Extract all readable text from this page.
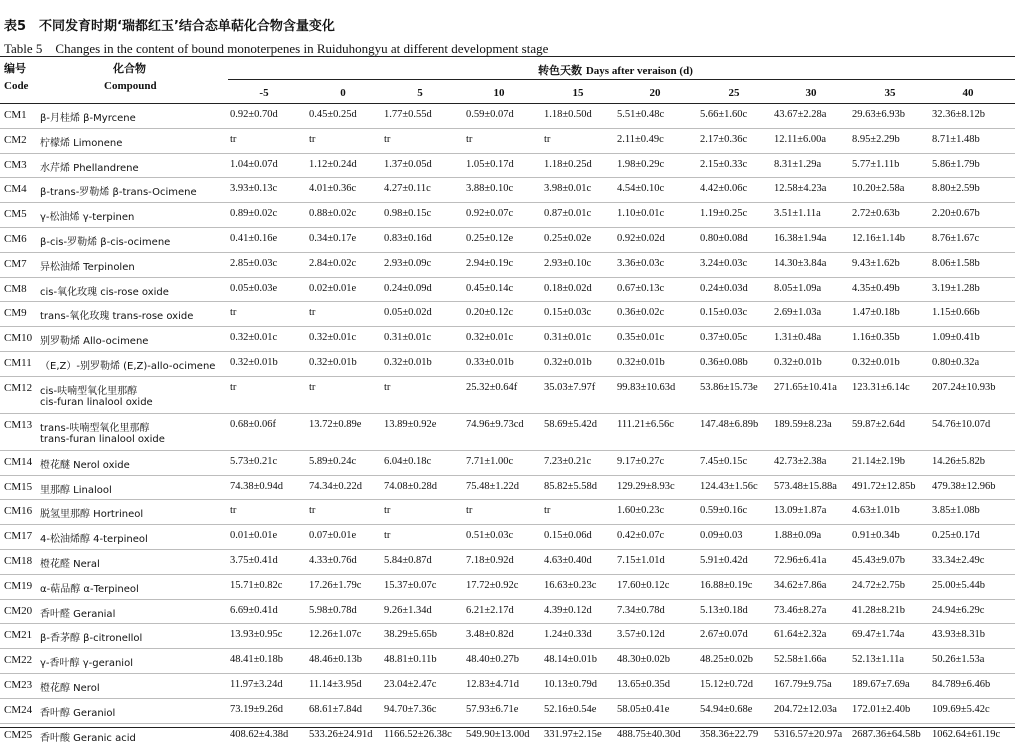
表5　不同发育时期‘瑞都红玉’结合态单萜化合物含量变化
Table 5　Changes in the content of bound monoterpenes in Ruiduhongyu at different development stage
编号
Code
化合物
Compound
转色天数 Days after veraison (d)
-5	0	5	10	15	20	25	30	35	40
CM1 β-月桂烯 β-Myrcene	0.92±0.70d	0.45±0.25d	1.77±0.55d	0.59±0.07d	1.18±0.50d 5.51±0.48c	5.66±1.60c	43.67±2.28a 29.63±6.93b	32.36±8.12b
CM2 柠檬烯 Limonene	tr	tr	tr	tr	tr	2.11±0.49c	2.17±0.36c	12.11±6.00a 8.95±2.29b	8.71±1.48b
CM3 水芹烯 Phellandrene	1.04±0.07d	1.12±0.24d	1.37±0.05d	1.05±0.17d	1.18±0.25d 1.98±0.29c	2.15±0.33c	8.31±1.29a	5.77±1.11b	5.86±1.79b
CM4 β-trans-罗勒烯 β-trans-Ocimene	3.93±0.13c	4.01±0.36c	4.27±0.11c	3.88±0.10c	3.98±0.01c 4.54±0.10c	4.42±0.06c	12.58±4.23a 10.20±2.58a	8.80±2.59b
CM5 γ-松油烯 γ-terpinen	0.89±0.02c	0.88±0.02c	0.98±0.15c	0.92±0.07c	0.87±0.01c 1.10±0.01c	1.19±0.25c	3.51±1.11a	2.72±0.63b	2.20±0.67b
CM6 β-cis-罗勒烯 β-cis-ocimene	0.41±0.16e	0.34±0.17e	0.83±0.16d	0.25±0.12e	0.25±0.02e 0.92±0.02d	0.80±0.08d 16.38±1.94a 12.16±1.14b	8.76±1.67c
CM7 异松油烯 Terpinolen	2.85±0.03c	2.84±0.02c	2.93±0.09c	2.94±0.19c	2.93±0.10c 3.36±0.03c	3.24±0.03c	14.30±3.84a 9.43±1.62b	8.06±1.58b
CM8 cis-氧化玫瑰 cis-rose oxide	0.05±0.03e	0.02±0.01e	0.24±0.09d	0.45±0.14c	0.18±0.02d 0.67±0.13c	0.24±0.03d 8.05±1.09a	4.35±0.49b	3.19±1.28b
CM9 trans-氧化玫瑰 trans-rose oxide	tr	tr	0.05±0.02d	0.20±0.12c	0.15±0.03c 0.36±0.02c	0.15±0.03c	2.69±1.03a	1.47±0.18b	1.15±0.66b
CM10 别罗勒烯 Allo-ocimene	0.32±0.01c	0.32±0.01c	0.31±0.01c	0.32±0.01c	0.31±0.01c 0.35±0.01c	0.37±0.05c	1.31±0.48a	1.16±0.35b	1.09±0.41b
CM11 （E,Z）-别罗勒烯 (E,Z)-allo-ocimene 0.32±0.01b	0.32±0.01b	0.32±0.01b	0.33±0.01b	0.32±0.01b 0.32±0.01b	0.36±0.08b 0.32±0.01b	0.32±0.01b	0.80±0.32a
CM12 cis-呋喃型氧化里那醇
cis-furan linalool oxide
tr	tr	tr	25.32±0.64f	35.03±7.97f 99.83±10.63d 53.86±15.73e 271.65±10.41a 123.31±6.14c 207.24±10.93b
CM13 trans-呋喃型氧化里那醇
trans-furan linalool oxide
0.68±0.06f	13.72±0.89e 13.89±0.92e	74.96±9.73cd 58.69±5.42d 111.21±6.56c 147.48±6.89b 189.59±8.23a 59.87±2.64d	54.76±10.07d
CM14 橙花醚 Nerol oxide	5.73±0.21c	5.89±0.24c	6.04±0.18c	7.71±1.00c	7.23±0.21c 9.17±0.27c	7.45±0.15c	42.73±2.38a 21.14±2.19b	14.26±5.82b
CM15 里那醇 Linalool	74.38±0.94d 74.34±0.22d 74.08±0.28d	75.48±1.22d 85.82±5.58d 129.29±8.93c 124.43±1.56c 573.48±15.88a 491.72±12.85b 479.38±12.96b
CM16 脱氢里那醇 Hortrineol	tr	tr	tr	tr	tr	1.60±0.23c	0.59±0.16c	13.09±1.87a 4.63±1.01b	3.85±1.08b
CM17 4-松油烯醇 4-terpineol	0.01±0.01e	0.07±0.01e	tr	0.51±0.03c	0.15±0.06d 0.42±0.07c	0.09±0.03	1.88±0.09a	0.91±0.34b	0.25±0.17d
CM18 橙花醛 Neral	3.75±0.41d	4.33±0.76d	5.84±0.87d	7.18±0.92d	4.63±0.40d 7.15±1.01d	5.91±0.42d 72.96±6.41a 45.43±9.07b	33.34±2.49c
CM19 α-萜品醇 α-Terpineol	15.71±0.82c	17.26±1.79c 15.37±0.07c	17.72±0.92c 16.63±0.23c 17.60±0.12c	16.88±0.19c 34.62±7.86a 24.72±2.75b	25.00±5.44b
CM20 香叶醛 Geranial	6.69±0.41d	5.98±0.78d	9.26±1.34d	6.21±2.17d	4.39±0.12d 7.34±0.78d	5.13±0.18d 73.46±8.27a 41.28±8.21b	24.94±6.29c
CM21 β-香茅醇 β-citronellol	13.93±0.95c	12.26±1.07c 38.29±5.65b	3.48±0.82d	1.24±0.33d 3.57±0.12d	2.67±0.07d 61.64±2.32a 69.47±1.74a	43.93±8.31b
CM22 γ-香叶醇 γ-geraniol	48.41±0.18b 48.46±0.13b 48.81±0.11b	48.40±0.27b 48.14±0.01b 48.30±0.02b	48.25±0.02b 52.58±1.66a 52.13±1.11a	50.26±1.53a
CM23 橙花醇 Nerol	11.97±3.24d	11.14±3.95d 23.04±2.47c	12.83±4.71d 10.13±0.79d 13.65±0.35d	15.12±0.72d 167.79±9.75a 189.67±7.69a 84.789±6.46b
CM24 香叶醇 Geraniol	73.19±9.26d 68.61±7.84d 94.70±7.36c	57.93±6.71e 52.16±0.54e 58.05±0.41e	54.94±0.68e 204.72±12.03a 172.01±2.40b 109.69±5.42c
CM25 香叶酸 Geranic acid	408.62±4.38d 533.26±24.91d 1166.52±26.38c 549.90±13.00d 331.97±2.15e 488.75±40.30d 358.36±22.79 5316.57±20.97a 2687.36±64.58b 1062.64±61.19c
